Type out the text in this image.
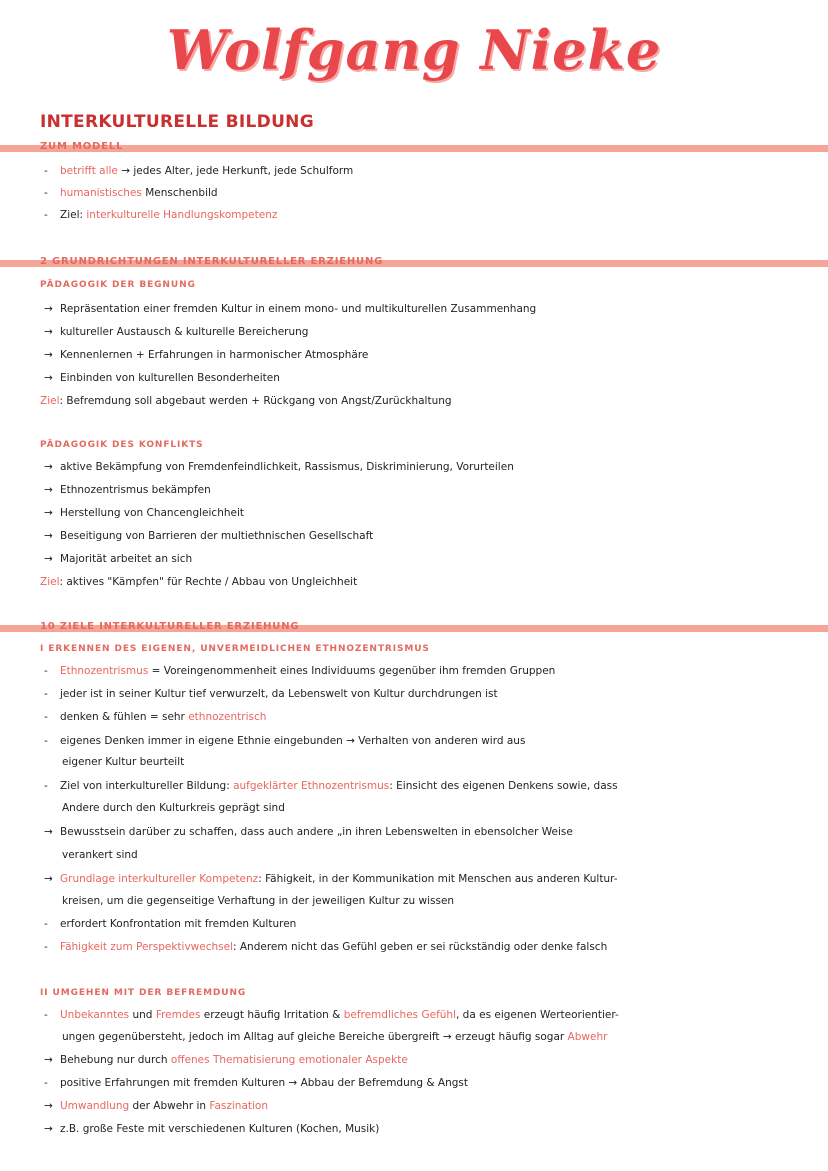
Wolfgang Nieke
INTERKULTURELLE BILDUNG
ZUM MODELL
- betrifft alle → jedes Alter, jede Herkunft, jede Schulform
- humanistisches Menschenbild
- Ziel: interkulturelle Handlungskompetenz
2 GRUNDRICHTUNGEN INTERKULTURELLER ERZIEHUNG
PÄDAGOGIK DER BEGNUNG
→ Repräsentation einer fremden Kultur in einem mono- und multikulturellen Zusammenhang
→ kultureller Austausch & kulturelle Bereicherung
→ Kennenlernen + Erfahrungen in harmonischer Atmosphäre
→ Einbinden von kulturellen Besonderheiten
Ziel: Befremdung soll abgebaut werden + Rückgang von Angst/Zurückhaltung
PÄDAGOGIK DES KONFLIKTS
→ aktive Bekämpfung von Fremdenfeindlichkeit, Rassismus, Diskriminierung, Vorurteilen
→ Ethnozentrismus bekämpfen
→ Herstellung von Chancengleichheit
→ Beseitigung von Barrieren der multiethnischen Gesellschaft
→ Majorität arbeitet an sich
Ziel: aktives "Kämpfen" für Rechte / Abbau von Ungleichheit
10 ZIELE INTERKULTURELLER ERZIEHUNG
I ERKENNEN DES EIGENEN, UNVERMEIDLICHEN ETHNOZENTRISMUS
- Ethnozentrismus = Voreingenommenheit eines Individuums gegenüber ihm fremden Gruppen
- jeder ist in seiner Kultur tief verwurzelt, da Lebenswelt von Kultur durchdrungen ist
- denken & fühlen = sehr ethnozentrisch
- eigenes Denken immer in eigene Ethnie eingebunden → Verhalten von anderen wird aus
eigener Kultur beurteilt
- Ziel von interkultureller Bildung: aufgeklärter Ethnozentrismus: Einsicht des eigenen Denkens sowie, dass
Andere durch den Kulturkreis geprägt sind
→ Bewusstsein darüber zu schaffen, dass auch andere „in ihren Lebenswelten in ebensolcher Weise
verankert sind
→ Grundlage interkultureller Kompetenz: Fähigkeit, in der Kommunikation mit Menschen aus anderen Kultur-
kreisen, um die gegenseitige Verhaftung in der jeweiligen Kultur zu wissen
- erfordert Konfrontation mit fremden Kulturen
- Fähigkeit zum Perspektivwechsel: Anderem nicht das Gefühl geben er sei rückständig oder denke falsch
II UMGEHEN MIT DER BEFREMDUNG
- Unbekanntes und Fremdes erzeugt häufig Irritation & befremdliches Gefühl, da es eigenen Werteorientier-
ungen gegenübersteht, jedoch im Alltag auf gleiche Bereiche übergreift → erzeugt häufig sogar Abwehr
→ Behebung nur durch offenes Thematisierung emotionaler Aspekte
- positive Erfahrungen mit fremden Kulturen → Abbau der Befremdung & Angst
→ Umwandlung der Abwehr in Faszination
→ z.B. große Feste mit verschiedenen Kulturen (Kochen, Musik)
